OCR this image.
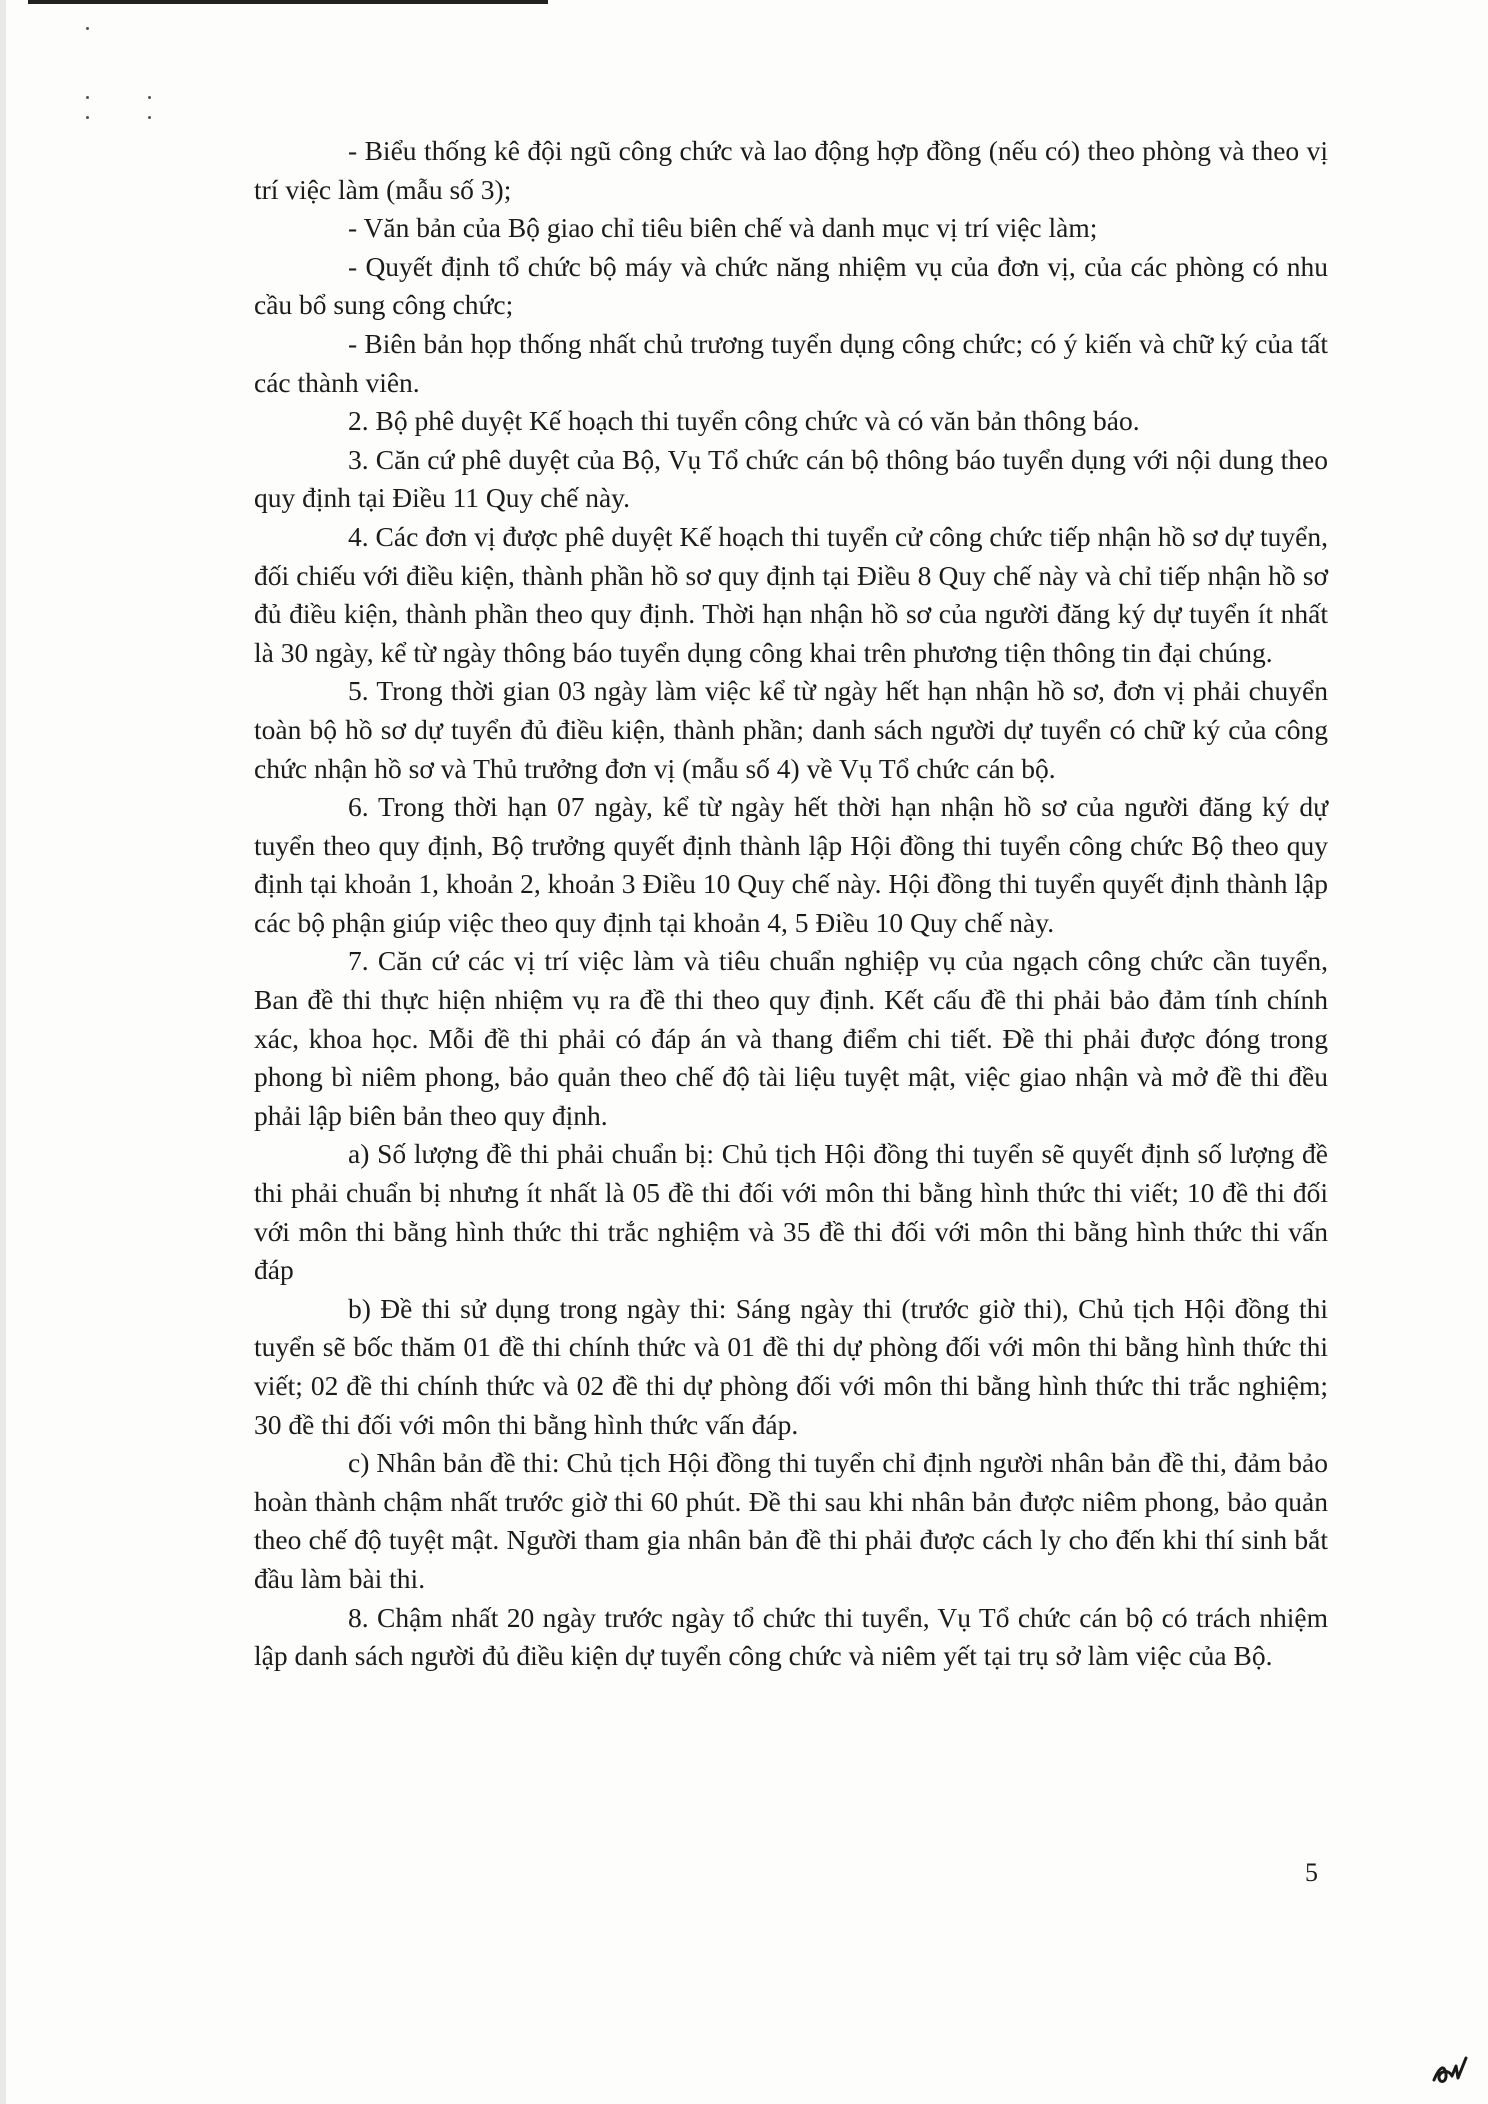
- Biểu thống kê đội ngũ công chức và lao động hợp đồng (nếu có) theo phòng và theo vị trí việc làm (mẫu số 3);

- Văn bản của Bộ giao chỉ tiêu biên chế và danh mục vị trí việc làm;

- Quyết định tổ chức bộ máy và chức năng nhiệm vụ của đơn vị, của các phòng có nhu cầu bổ sung công chức;

- Biên bản họp thống nhất chủ trương tuyển dụng công chức; có ý kiến và chữ ký của tất các thành viên.

2. Bộ phê duyệt Kế hoạch thi tuyển công chức và có văn bản thông báo.

3. Căn cứ phê duyệt của Bộ, Vụ Tổ chức cán bộ thông báo tuyển dụng với nội dung theo quy định tại Điều 11 Quy chế này.

4. Các đơn vị được phê duyệt Kế hoạch thi tuyển cử công chức tiếp nhận hồ sơ dự tuyển, đối chiếu với điều kiện, thành phần hồ sơ quy định tại Điều 8 Quy chế này và chỉ tiếp nhận hồ sơ đủ điều kiện, thành phần theo quy định. Thời hạn nhận hồ sơ của người đăng ký dự tuyển ít nhất là 30 ngày, kể từ ngày thông báo tuyển dụng công khai trên phương tiện thông tin đại chúng.

5. Trong thời gian 03 ngày làm việc kể từ ngày hết hạn nhận hồ sơ, đơn vị phải chuyển toàn bộ hồ sơ dự tuyển đủ điều kiện, thành phần; danh sách người dự tuyển có chữ ký của công chức nhận hồ sơ và Thủ trưởng đơn vị (mẫu số 4) về Vụ Tổ chức cán bộ.

6. Trong thời hạn 07 ngày, kể từ ngày hết thời hạn nhận hồ sơ của người đăng ký dự tuyển theo quy định, Bộ trưởng quyết định thành lập Hội đồng thi tuyển công chức Bộ theo quy định tại khoản 1, khoản 2, khoản 3 Điều 10 Quy chế này. Hội đồng thi tuyển quyết định thành lập các bộ phận giúp việc theo quy định tại khoản 4, 5 Điều 10 Quy chế này.

7. Căn cứ các vị trí việc làm và tiêu chuẩn nghiệp vụ của ngạch công chức cần tuyển, Ban đề thi thực hiện nhiệm vụ ra đề thi theo quy định. Kết cấu đề thi phải bảo đảm tính chính xác, khoa học. Mỗi đề thi phải có đáp án và thang điểm chi tiết. Đề thi phải được đóng trong phong bì niêm phong, bảo quản theo chế độ tài liệu tuyệt mật, việc giao nhận và mở đề thi đều phải lập biên bản theo quy định.

a) Số lượng đề thi phải chuẩn bị: Chủ tịch Hội đồng thi tuyển sẽ quyết định số lượng đề thi phải chuẩn bị nhưng ít nhất là 05 đề thi đối với môn thi bằng hình thức thi viết; 10 đề thi đối với môn thi bằng hình thức thi trắc nghiệm và 35 đề thi đối với môn thi bằng hình thức thi vấn đáp

b) Đề thi sử dụng trong ngày thi: Sáng ngày thi (trước giờ thi), Chủ tịch Hội đồng thi tuyển sẽ bốc thăm 01 đề thi chính thức và 01 đề thi dự phòng đối với môn thi bằng hình thức thi viết; 02 đề thi chính thức và 02 đề thi dự phòng đối với môn thi bằng hình thức thi trắc nghiệm; 30 đề thi đối với môn thi bằng hình thức vấn đáp.

c) Nhân bản đề thi: Chủ tịch Hội đồng thi tuyển chỉ định người nhân bản đề thi, đảm bảo hoàn thành chậm nhất trước giờ thi 60 phút. Đề thi sau khi nhân bản được niêm phong, bảo quản theo chế độ tuyệt mật. Người tham gia nhân bản đề thi phải được cách ly cho đến khi thí sinh bắt đầu làm bài thi.

8. Chậm nhất 20 ngày trước ngày tổ chức thi tuyển, Vụ Tổ chức cán bộ có trách nhiệm lập danh sách người đủ điều kiện dự tuyển công chức và niêm yết tại trụ sở làm việc của Bộ.

5
